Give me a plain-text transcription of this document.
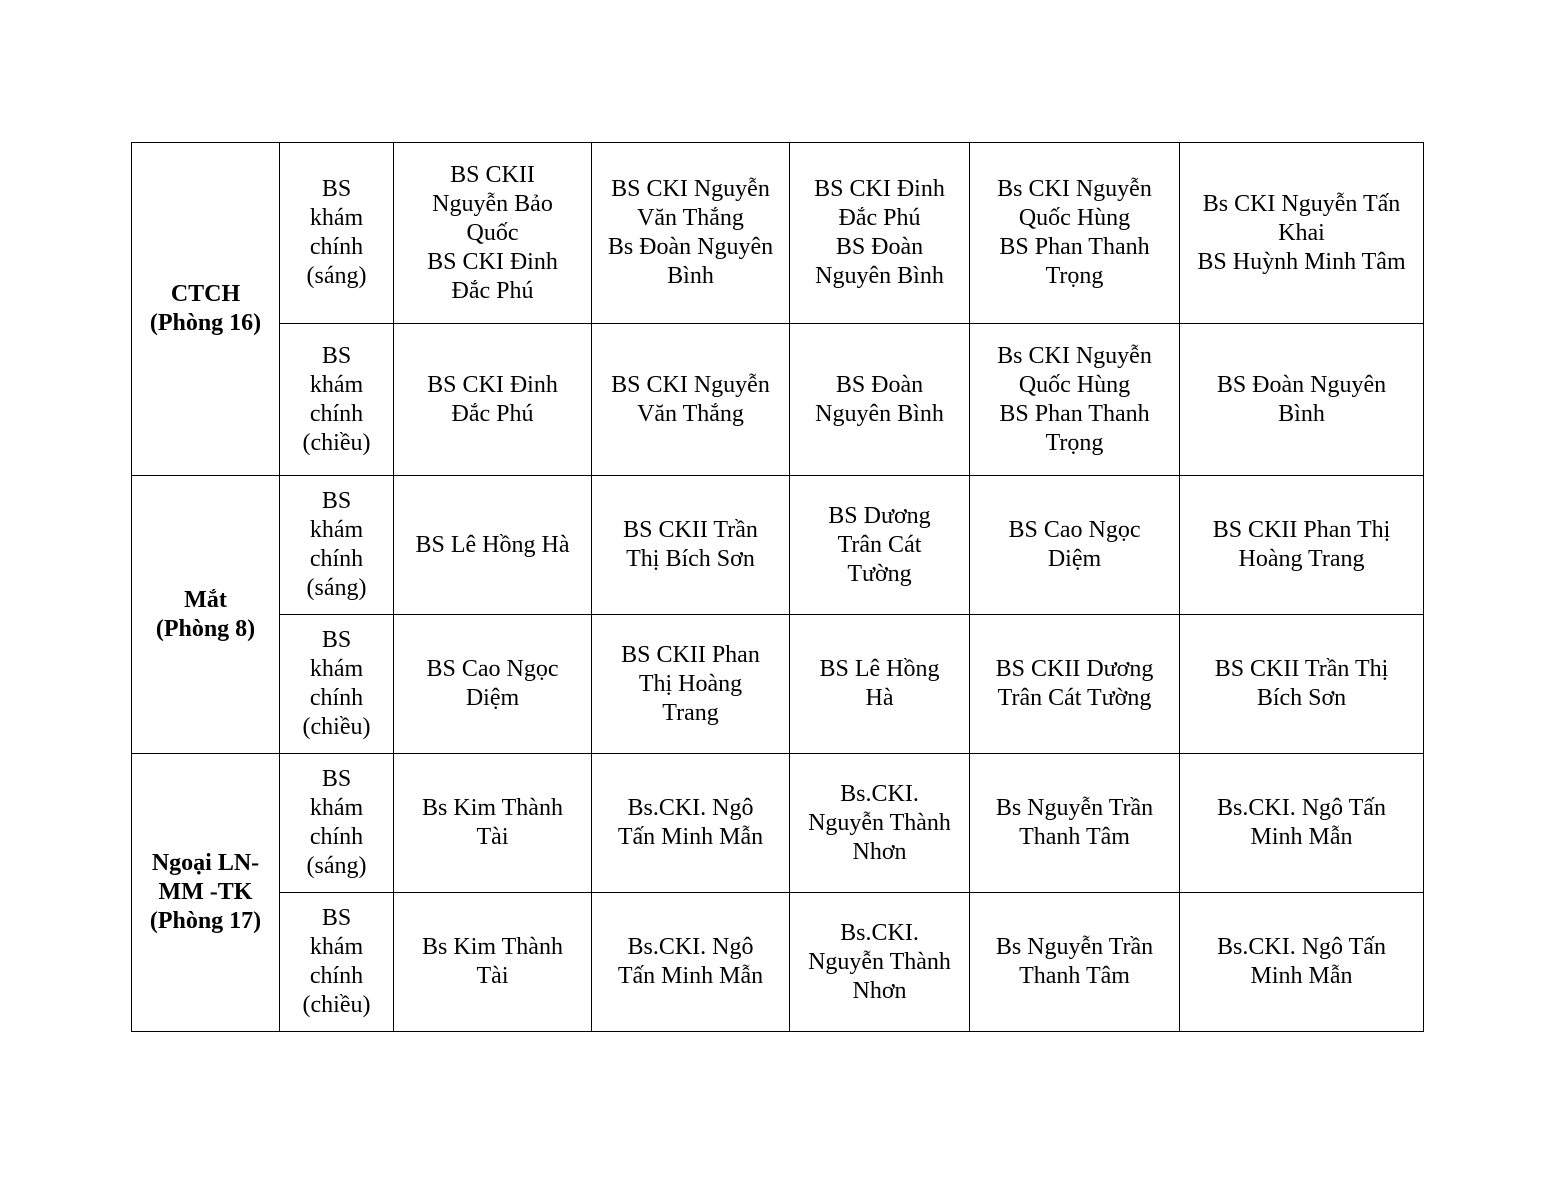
CTCH
(Phòng 16)	BS
khám
chính
(sáng)	BS CKII
Nguyễn Bảo
Quốc
BS CKI Đinh
Đắc Phú	BS CKI Nguyễn
Văn Thắng
Bs Đoàn Nguyên
Bình	BS CKI Đinh
Đắc Phú
BS Đoàn
Nguyên Bình	Bs CKI Nguyễn
Quốc Hùng
BS Phan Thanh
Trọng	Bs CKI Nguyễn Tấn
Khai
BS Huỳnh Minh Tâm
	BS
khám
chính
(chiều)	BS CKI Đinh
Đắc Phú	BS CKI Nguyễn
Văn Thắng	BS Đoàn
Nguyên Bình	Bs CKI Nguyễn
Quốc Hùng
BS Phan Thanh
Trọng	BS Đoàn Nguyên
Bình
Mắt
(Phòng 8)	BS
khám
chính
(sáng)	BS Lê Hồng Hà	BS CKII Trần
Thị Bích Sơn	BS Dương
Trân Cát
Tường	BS Cao Ngọc
Diệm	BS CKII Phan Thị
Hoàng Trang
	BS
khám
chính
(chiều)	BS Cao Ngọc
Diệm	BS CKII Phan
Thị Hoàng
Trang	BS Lê Hồng
Hà	BS CKII Dương
Trân Cát Tường	BS CKII Trần Thị
Bích Sơn
Ngoại LN-
MM -TK
(Phòng 17)	BS
khám
chính
(sáng)	Bs Kim Thành
Tài	Bs.CKI. Ngô
Tấn Minh Mẫn	Bs.CKI.
Nguyễn Thành
Nhơn	Bs Nguyễn Trần
Thanh Tâm	Bs.CKI. Ngô Tấn
Minh Mẫn
	BS
khám
chính
(chiều)	Bs Kim Thành
Tài	Bs.CKI. Ngô
Tấn Minh Mẫn	Bs.CKI.
Nguyễn Thành
Nhơn	Bs Nguyễn Trần
Thanh Tâm	Bs.CKI. Ngô Tấn
Minh Mẫn
